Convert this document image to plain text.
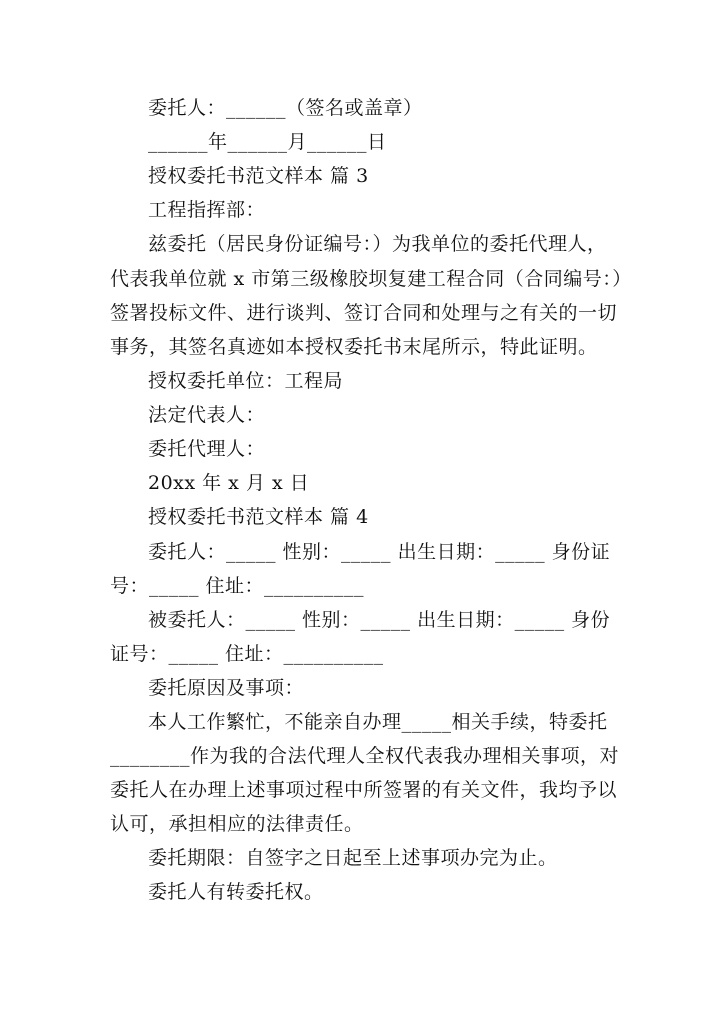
委托人：______（签名或盖章）
______年______月______日
授权委托书范文样本 篇 3
工程指挥部：
兹委托（居民身份证编号：）为我单位的委托代理人，
代表我单位就 x 市第三级橡胶坝复建工程合同（合同编号：）
签署投标文件、进行谈判、签订合同和处理与之有关的一切
事务，其签名真迹如本授权委托书末尾所示，特此证明。
授权委托单位：工程局
法定代表人：
委托代理人：
20xx 年 x 月 x 日
授权委托书范文样本 篇 4
委托人：_____ 性别：_____ 出生日期：_____ 身份证
号：_____ 住址：__________
被委托人：_____ 性别：_____ 出生日期：_____ 身份
证号：_____ 住址：__________
委托原因及事项：
本人工作繁忙，不能亲自办理_____相关手续，特委托
________作为我的合法代理人全权代表我办理相关事项，对
委托人在办理上述事项过程中所签署的有关文件，我均予以
认可，承担相应的法律责任。
委托期限：自签字之日起至上述事项办完为止。
委托人有转委托权。
